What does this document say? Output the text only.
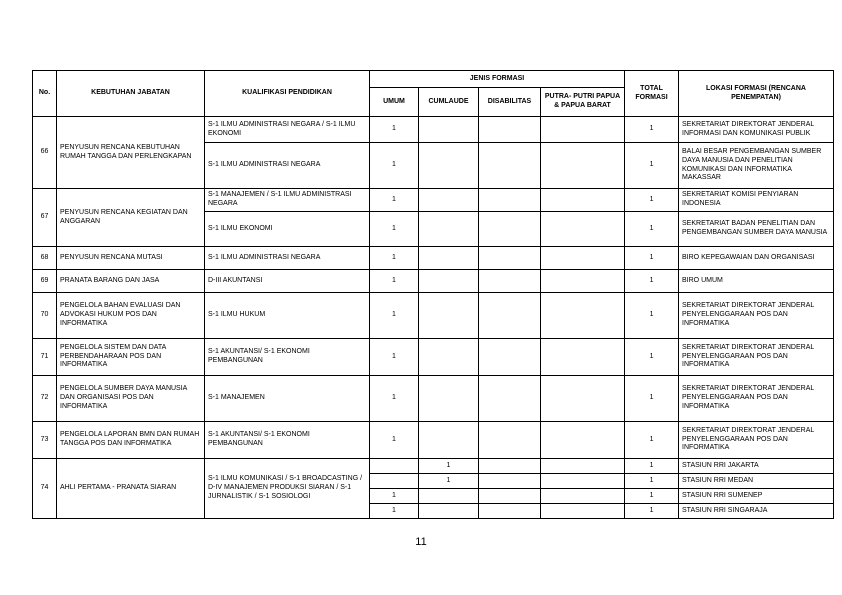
No.	KEBUTUHAN JABATAN	KUALIFIKASI PENDIDIKAN	JENIS FORMASI				TOTAL FORMASI	LOKASI FORMASI (RENCANA PENEMPATAN)
			UMUM	CUMLAUDE	DISABILITAS	PUTRA- PUTRI PAPUA & PAPUA BARAT		
66	PENYUSUN RENCANA KEBUTUHAN RUMAH TANGGA DAN PERLENGKAPAN	S-1 ILMU ADMINISTRASI NEGARA / S-1 ILMU EKONOMI	1				1	SEKRETARIAT DIREKTORAT JENDERAL INFORMASI DAN KOMUNIKASI PUBLIK
		S-1 ILMU ADMINISTRASI NEGARA	1				1	BALAI BESAR PENGEMBANGAN SUMBER DAYA MANUSIA DAN PENELITIAN KOMUNIKASI DAN INFORMATIKA MAKASSAR
67	PENYUSUN RENCANA KEGIATAN DAN ANGGARAN	S-1 MANAJEMEN / S-1 ILMU ADMINISTRASI NEGARA	1				1	SEKRETARIAT KOMISI PENYIARAN INDONESIA
		S-1 ILMU EKONOMI	1				1	SEKRETARIAT BADAN PENELITIAN DAN PENGEMBANGAN SUMBER DAYA MANUSIA
68	PENYUSUN RENCANA MUTASI	S-1 ILMU ADMINISTRASI NEGARA	1				1	BIRO KEPEGAWAIAN DAN ORGANISASI
69	PRANATA BARANG DAN JASA	D-III AKUNTANSI	1				1	BIRO UMUM
70	PENGELOLA BAHAN EVALUASI DAN ADVOKASI HUKUM POS DAN INFORMATIKA	S-1 ILMU HUKUM	1				1	SEKRETARIAT DIREKTORAT JENDERAL PENYELENGGARAAN POS DAN INFORMATIKA
71	PENGELOLA SISTEM DAN DATA PERBENDAHARAAN POS DAN INFORMATIKA	S-1 AKUNTANSI/ S-1 EKONOMI PEMBANGUNAN	1				1	SEKRETARIAT DIREKTORAT JENDERAL PENYELENGGARAAN POS DAN INFORMATIKA
72	PENGELOLA SUMBER DAYA MANUSIA DAN ORGANISASI POS DAN INFORMATIKA	S-1 MANAJEMEN	1				1	SEKRETARIAT DIREKTORAT JENDERAL PENYELENGGARAAN POS DAN INFORMATIKA
73	PENGELOLA LAPORAN BMN DAN RUMAH TANGGA POS DAN INFORMATIKA	S-1 AKUNTANSI/ S-1 EKONOMI PEMBANGUNAN	1				1	SEKRETARIAT DIREKTORAT JENDERAL PENYELENGGARAAN POS DAN INFORMATIKA
74	AHLI PERTAMA - PRANATA SIARAN	S-1 ILMU KOMUNIKASI / S-1 BROADCASTING / D-IV MANAJEMEN PRODUKSI SIARAN / S-1 JURNALISTIK / S-1 SOSIOLOGI		1			1	STASIUN RRI JAKARTA
				1			1	STASIUN RRI MEDAN
			1				1	STASIUN RRI SUMENEP
			1				1	STASIUN RRI SINGARAJA
11
